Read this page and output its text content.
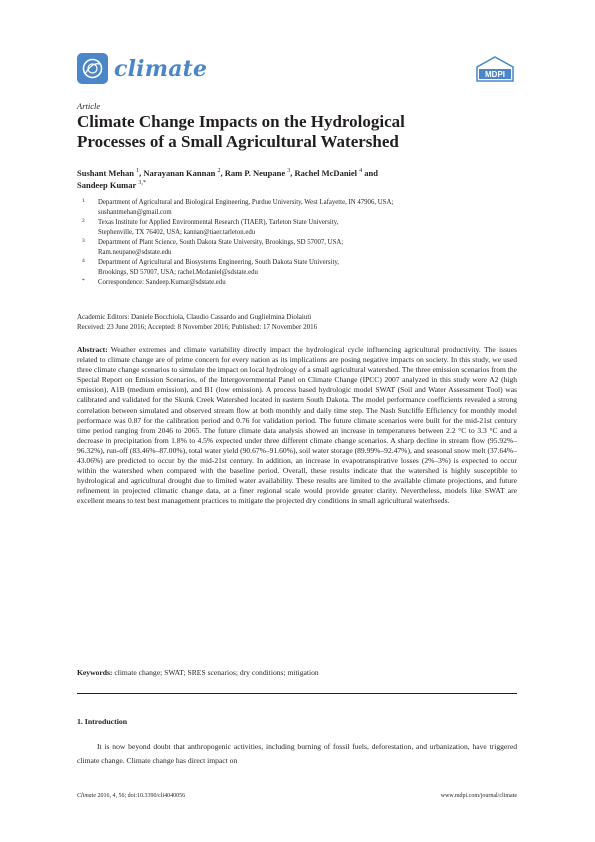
climate	MDPI
Article
Climate Change Impacts on the Hydrological
Processes of a Small Agricultural Watershed
Sushant Mehan $^1$, Narayanan Kannan $^2$, Ram P. Neupane $^3$, Rachel McDaniel $^4$ and
Sandeep Kumar $^{3,*}$
1 Department of Agricultural and Biological Engineering, Purdue University, West Lafayette, IN 47906, USA;
sushantmehan@gmail.com
2 Texas Institute for Applied Environmental Research (TIAER), Tarleton State University,
Stephenville, TX 76402, USA; kannan@tiaer.tarleton.edu
3 Department of Plant Science, South Dakota State University, Brookings, SD 57007, USA;
Ram.neupane@sdstate.edu
4 Department of Agricultural and Biosystems Engineering, South Dakota State University,
Brookings, SD 57007, USA; rachel.Mcdaniel@sdstate.edu
* Correspondence: Sandeep.Kumar@sdstate.edu
Academic Editors: Daniele Bocchiola, Claudio Cassardo and Guglielmina Diolaiuti
Received: 23 June 2016; Accepted: 8 November 2016; Published: 17 November 2016
Abstract: Weather extremes and climate variability directly impact the hydrological cycle influencing agricultural productivity. The issues related to climate change are of prime concern for every nation as its implications are posing negative impacts on society. In this study, we used three climate change scenarios to simulate the impact on local hydrology of a small agricultural watershed. The three emission scenarios from the Special Report on Emission Scenarios, of the Intergovernmental Panel on Climate Change (IPCC) 2007 analyzed in this study were A2 (high emission), A1B (medium emission), and B1 (low emission). A process based hydrologic model SWAT (Soil and Water Assessment Tool) was calibrated and validated for the Skunk Creek Watershed located in eastern South Dakota. The model performance coefficients revealed a strong correlation between simulated and observed stream flow at both monthly and daily time step. The Nash Sutcliffe Efficiency for monthly model performace was 0.87 for the calibration period and 0.76 for validation period. The future climate scenarios were built for the mid-21st century time period ranging from 2046 to 2065. The future climate data analysis showed an increase in temperatures between 2.2 °C to 3.3 °C and a decrease in precipitation from 1.8% to 4.5% expected under three different climate change scenarios. A sharp decline in stream flow (95.92%–96.32%), run-off (83.46%–87.00%), total water yield (90.67%–91.60%), soil water storage (89.99%–92.47%), and seasonal snow melt (37.64%–43.06%) are predicted to occur by the mid-21st century. In addition, an increase in evapotranspirative losses (2%–3%) is expected to occur within the watershed when compared with the baseline period. Overall, these results indicate that the watershed is highly susceptible to hydrological and agricultural drought due to limited water availability. These results are limited to the available climate projections, and future refinement in projected climatic change data, at a finer regional scale would provide greater clarity. Nevertheless, models like SWAT are excellent means to test best management practices to mitigate the projected dry conditions in small agricultural waterhseds.
Keywords: climate change; SWAT; SRES scenarios; dry conditions; mitigation
1. Introduction
It is now beyond doubt that anthropogenic activities, including burning of fossil fuels, deforestation, and urbanization, have triggered climate change. Climate change has direct impact on
Climate 2016, 4, 56; doi:10.3390/cli4040056	www.mdpi.com/journal/climate
